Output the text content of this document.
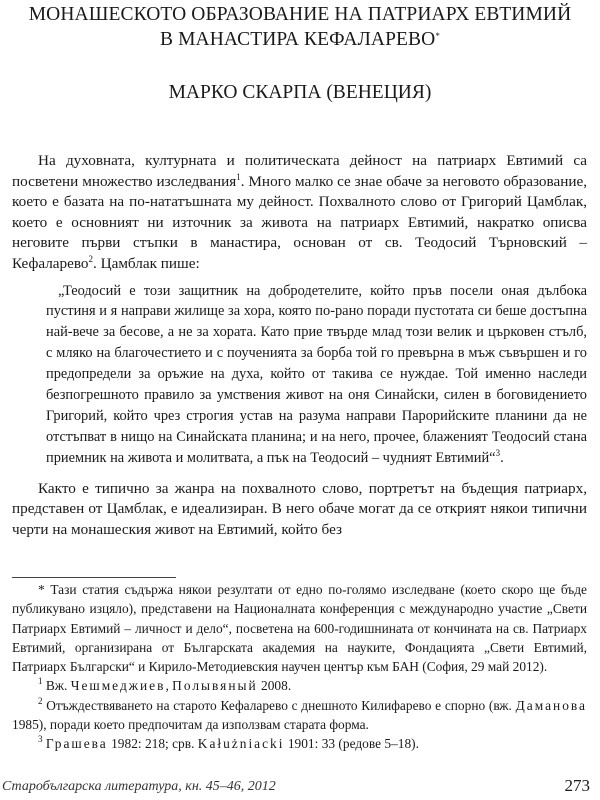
МОНАШЕСКОТО ОБРАЗОВАНИЕ НА ПАТРИАРХ ЕВТИМИЙ
В МАНАСТИРА КЕФАЛАРЕВО*
МАРКО СКАРПА (ВЕНЕЦИЯ)

На духовната, културната и политическата дейност на патриарх Евтимий са посветени множество изследвания$^1$. Много малко се знае обаче за неговото образование, което е базата на по-нататъшната му дейност. Похвалното слово от Григорий Цамблак, което е основният ни източник за живота на патриарх Евтимий, накратко описва неговите първи стъпки в манастира, основан от св. Теодосий Търновский – Кефаларево$^2$. Цамблак пише:

„Теодосий е този защитник на добродетелите, който пръв посели оная дълбока пустиня и я направи жилище за хора, която по-рано поради пустотата си беше достъпна най-вече за бесове, а не за хората. Като прие твърде млад този велик и църковен стълб, с мляко на благочестието и с поученията за борба той го превърна в мъж съвършен и го предопредели за оръжие на духа, който от такива се нуждае. Той именно наследи безпогрешното правило за умствения живот на оня Синайски, силен в боговидението Григорий, който чрез строгия устав на разума направи Парорийските планини да не отстъпват в нищо на Синайската планина; и на него, прочее, блаженият Теодосий стана приемник на живота и молитвата, а пък на Теодосий – чудният Евтимий“$^3$.

Както е типично за жанра на похвалното слово, портретът на бъдещия патриарх, представен от Цамблак, е идеализиран. В него обаче могат да се открият някои типични черти на монашеския живот на Евтимий, който без

* Тази статия съдържа някои резултати от едно по-голямо изследване (което скоро ще бъде публикувано изцяло), представени на Националната конференция с международно участие „Свети Патриарх Евтимий – личност и дело“, посветена на 600-годишнината от кончината на св. Патриарх Евтимий, организирана от Българската академия на науките, Фондацията „Свети Евтимий, Патриарх Български“ и Кирило-Методиевския научен център към БАН (София, 29 май 2012).

$^1$ Вж. Чешмеджиев, Полывяный 2008.

$^2$ Отъждествяването на старото Кефаларево с днешното Килифарево е спорно (вж. Даманова 1985), поради което предпочитам да използвам старата форма.

$^3$ Грашева 1982: 218; срв. Kałużniacki 1901: 33 (редове 5–18).

Старобългарска литература, кн. 45–46, 2012	273
